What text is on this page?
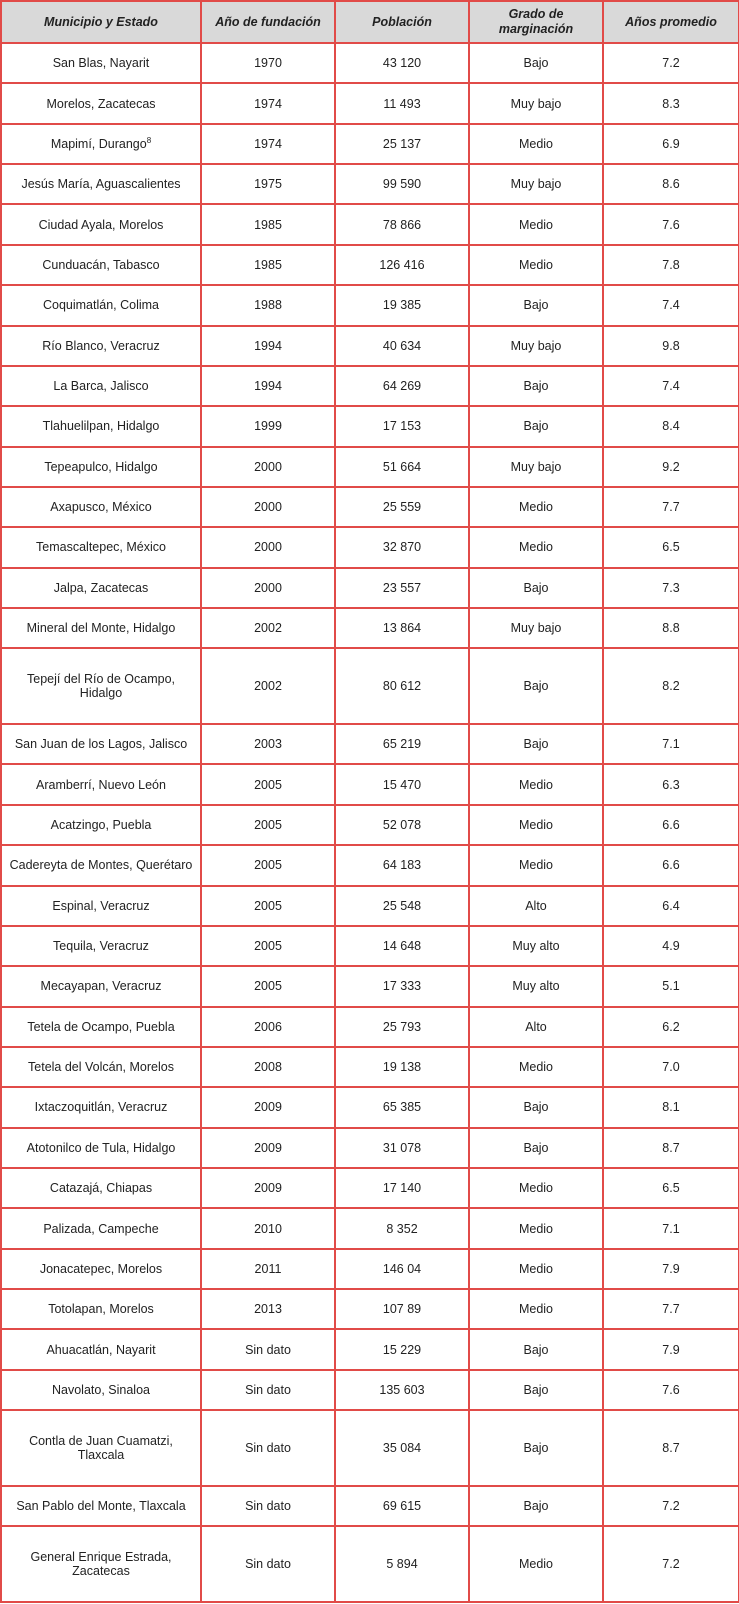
Municipio y Estado	Año de fundación	Población	Grado de marginación	Años promedio
San Blas, Nayarit	1970	43 120	Bajo	7.2
Morelos, Zacatecas	1974	11 493	Muy bajo	8.3
Mapimí, Durango$^8$	1974	25 137	Medio	6.9
Jesús María, Aguascalientes	1975	99 590	Muy bajo	8.6
Ciudad Ayala, Morelos	1985	78 866	Medio	7.6
Cunduacán, Tabasco	1985	126 416	Medio	7.8
Coquimatlán, Colima	1988	19 385	Bajo	7.4
Río Blanco, Veracruz	1994	40 634	Muy bajo	9.8
La Barca, Jalisco	1994	64 269	Bajo	7.4
Tlahuelilpan, Hidalgo	1999	17 153	Bajo	8.4
Tepeapulco, Hidalgo	2000	51 664	Muy bajo	9.2
Axapusco, México	2000	25 559	Medio	7.7
Temascaltepec, México	2000	32 870	Medio	6.5
Jalpa, Zacatecas	2000	23 557	Bajo	7.3
Mineral del Monte, Hidalgo	2002	13 864	Muy bajo	8.8
Tepejí del Río de Ocampo, Hidalgo	2002	80 612	Bajo	8.2
San Juan de los Lagos, Jalisco	2003	65 219	Bajo	7.1
Aramberrí, Nuevo León	2005	15 470	Medio	6.3
Acatzingo, Puebla	2005	52 078	Medio	6.6
Cadereyta de Montes, Querétaro	2005	64 183	Medio	6.6
Espinal, Veracruz	2005	25 548	Alto	6.4
Tequila, Veracruz	2005	14 648	Muy alto	4.9
Mecayapan, Veracruz	2005	17 333	Muy alto	5.1
Tetela de Ocampo, Puebla	2006	25 793	Alto	6.2
Tetela del Volcán, Morelos	2008	19 138	Medio	7.0
Ixtaczoquitlán, Veracruz	2009	65 385	Bajo	8.1
Atotonilco de Tula, Hidalgo	2009	31 078	Bajo	8.7
Catazajá, Chiapas	2009	17 140	Medio	6.5
Palizada, Campeche	2010	8 352	Medio	7.1
Jonacatepec, Morelos	2011	146 04	Medio	7.9
Totolapan, Morelos	2013	107 89	Medio	7.7
Ahuacatlán, Nayarit	Sin dato	15 229	Bajo	7.9
Navolato, Sinaloa	Sin dato	135 603	Bajo	7.6
Contla de Juan Cuamatzi, Tlaxcala	Sin dato	35 084	Bajo	8.7
San Pablo del Monte, Tlaxcala	Sin dato	69 615	Bajo	7.2
General Enrique Estrada, Zacatecas	Sin dato	5 894	Medio	7.2
